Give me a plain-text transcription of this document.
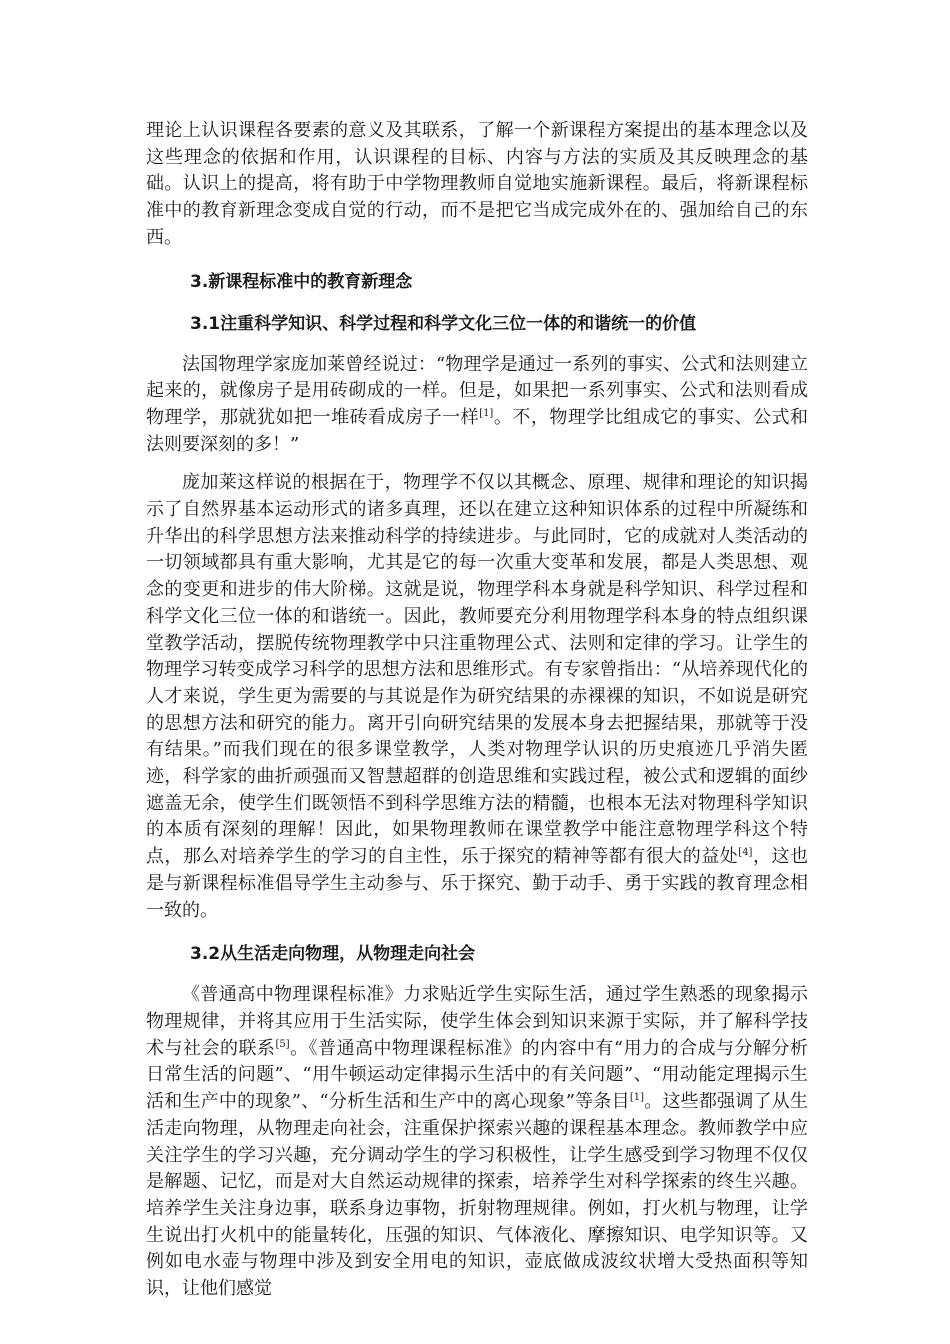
理论上认识课程各要素的意义及其联系，了解一个新课程方案提出的基本理念以及这些理念的依据和作用，认识课程的目标、内容与方法的实质及其反映理念的基础。认识上的提高，将有助于中学物理教师自觉地实施新课程。最后，将新课程标准中的教育新理念变成自觉的行动，而不是把它当成完成外在的、强加给自己的东西。

3.新课程标准中的教育新理念
3.1注重科学知识、科学过程和科学文化三位一体的和谐统一的价值

法国物理学家庞加莱曾经说过：“物理学是通过一系列的事实、公式和法则建立起来的，就像房子是用砖砌成的一样。但是，如果把一系列事实、公式和法则看成物理学，那就犹如把一堆砖看成房子一样[1]。不，物理学比组成它的事实、公式和法则要深刻的多！”

庞加莱这样说的根据在于，物理学不仅以其概念、原理、规律和理论的知识揭示了自然界基本运动形式的诸多真理，还以在建立这种知识体系的过程中所凝练和升华出的科学思想方法来推动科学的持续进步。与此同时，它的成就对人类活动的一切领域都具有重大影响，尤其是它的每一次重大变革和发展，都是人类思想、观念的变更和进步的伟大阶梯。这就是说，物理学科本身就是科学知识、科学过程和科学文化三位一体的和谐统一。因此，教师要充分利用物理学科本身的特点组织课堂教学活动，摆脱传统物理教学中只注重物理公式、法则和定律的学习。让学生的物理学习转变成学习科学的思想方法和思维形式。有专家曾指出：“从培养现代化的人才来说，学生更为需要的与其说是作为研究结果的赤裸裸的知识，不如说是研究的思想方法和研究的能力。离开引向研究结果的发展本身去把握结果，那就等于没有结果。”而我们现在的很多课堂教学，人类对物理学认识的历史痕迹几乎消失匿迹，科学家的曲折顽强而又智慧超群的创造思维和实践过程，被公式和逻辑的面纱遮盖无余，使学生们既领悟不到科学思维方法的精髓，也根本无法对物理科学知识的本质有深刻的理解！因此，如果物理教师在课堂教学中能注意物理学科这个特点，那么对培养学生的学习的自主性，乐于探究的精神等都有很大的益处[4]，这也是与新课程标准倡导学生主动参与、乐于探究、勤于动手、勇于实践的教育理念相一致的。

3.2从生活走向物理，从物理走向社会

《普通高中物理课程标准》力求贴近学生实际生活，通过学生熟悉的现象揭示物理规律，并将其应用于生活实际，使学生体会到知识来源于实际，并了解科学技术与社会的联系[5]。《普通高中物理课程标准》的内容中有“用力的合成与分解分析日常生活的问题”、“用牛顿运动定律揭示生活中的有关问题”、“用动能定理揭示生活和生产中的现象”、“分析生活和生产中的离心现象”等条目[1]。这些都强调了从生活走向物理，从物理走向社会，注重保护探索兴趣的课程基本理念。教师教学中应关注学生的学习兴趣，充分调动学生的学习积极性，让学生感受到学习物理不仅仅是解题、记忆，而是对大自然运动规律的探索，培养学生对科学探索的终生兴趣。培养学生关注身边事，联系身边事物，折射物理规律。例如，打火机与物理，让学生说出打火机中的能量转化，压强的知识、气体液化、摩擦知识、电学知识等。又例如电水壶与物理中涉及到安全用电的知识，壶底做成波纹状增大受热面积等知识，让他们感觉
